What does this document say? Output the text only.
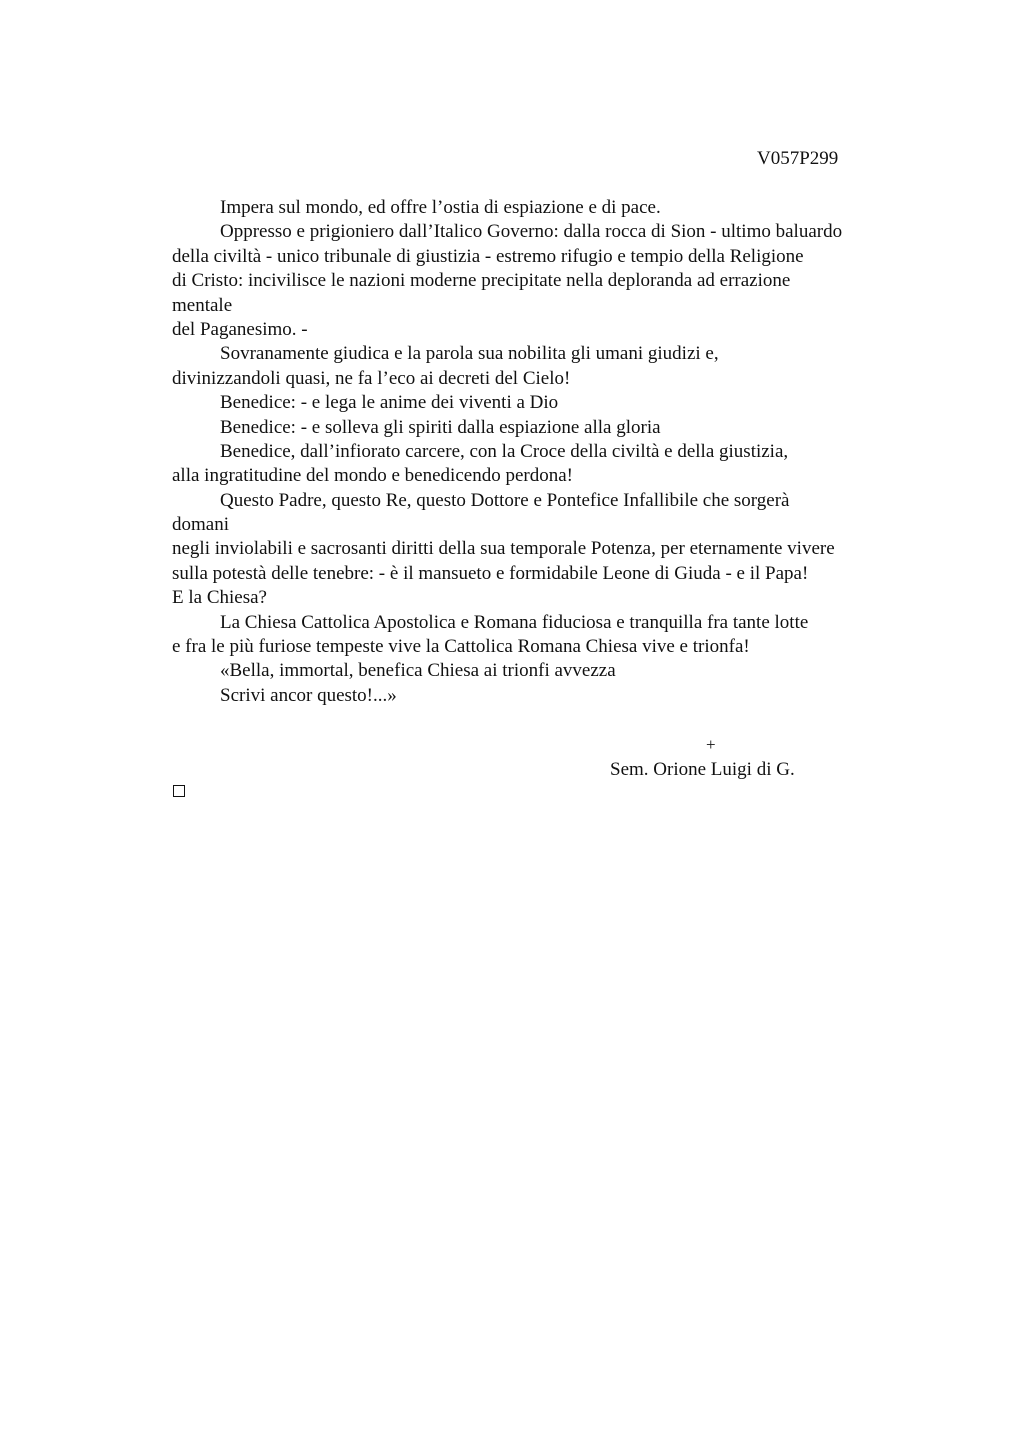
V057P299
Impera sul mondo, ed offre l’ostia di espiazione e di pace.
Oppresso e prigioniero dall’Italico Governo: dalla rocca di Sion - ultimo baluardo
della civiltà - unico tribunale di giustizia - estremo rifugio e tempio della Religione
di Cristo: incivilisce le nazioni moderne precipitate nella deploranda ad errazione
mentale
del Paganesimo. -
Sovranamente giudica e la parola sua nobilita gli umani giudizi e,
divinizzandoli quasi, ne fa l’eco ai decreti del Cielo!
Benedice: - e lega le anime dei viventi a Dio
Benedice: - e solleva gli spiriti dalla espiazione alla gloria
Benedice, dall’infiorato carcere, con la Croce della civiltà e della giustizia,
alla ingratitudine del mondo e benedicendo perdona!
Questo Padre, questo Re, questo Dottore e Pontefice Infallibile che sorgerà
domani
negli inviolabili e sacrosanti diritti della sua temporale Potenza, per eternamente vivere
sulla potestà delle tenebre: - è il mansueto e formidabile Leone di Giuda - e il Papa!
E la Chiesa?
La Chiesa Cattolica Apostolica e Romana fiduciosa e tranquilla fra tante lotte
e fra le più furiose tempeste vive la Cattolica Romana Chiesa vive e trionfa!
«Bella, immortal, benefica Chiesa ai trionfi avvezza
Scrivi ancor questo!...»
+
Sem. Orione Luigi di G.
